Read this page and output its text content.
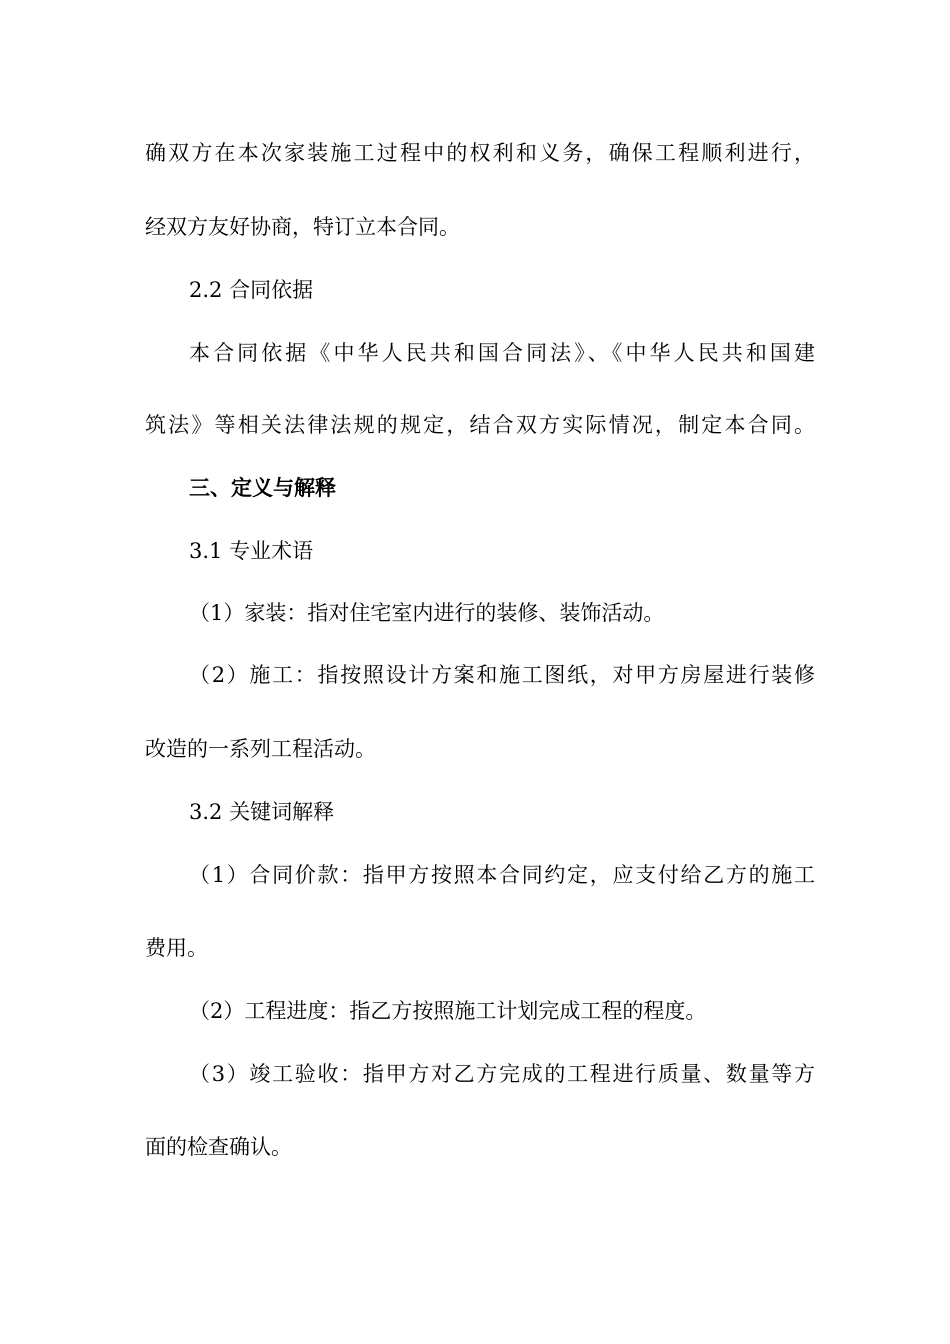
确双方在本次家装施工过程中的权利和义务，确保工程顺利进行，
经双方友好协商，特订立本合同。
2.2 合同依据
本合同依据《中华人民共和国合同法》、《中华人民共和国建
筑法》等相关法律法规的规定，结合双方实际情况，制定本合同。
三、定义与解释
3.1 专业术语
（1）家装：指对住宅室内进行的装修、装饰活动。
（2）施工：指按照设计方案和施工图纸，对甲方房屋进行装修
改造的一系列工程活动。
3.2 关键词解释
（1）合同价款：指甲方按照本合同约定，应支付给乙方的施工
费用。
（2）工程进度：指乙方按照施工计划完成工程的程度。
（3）竣工验收：指甲方对乙方完成的工程进行质量、数量等方
面的检查确认。
